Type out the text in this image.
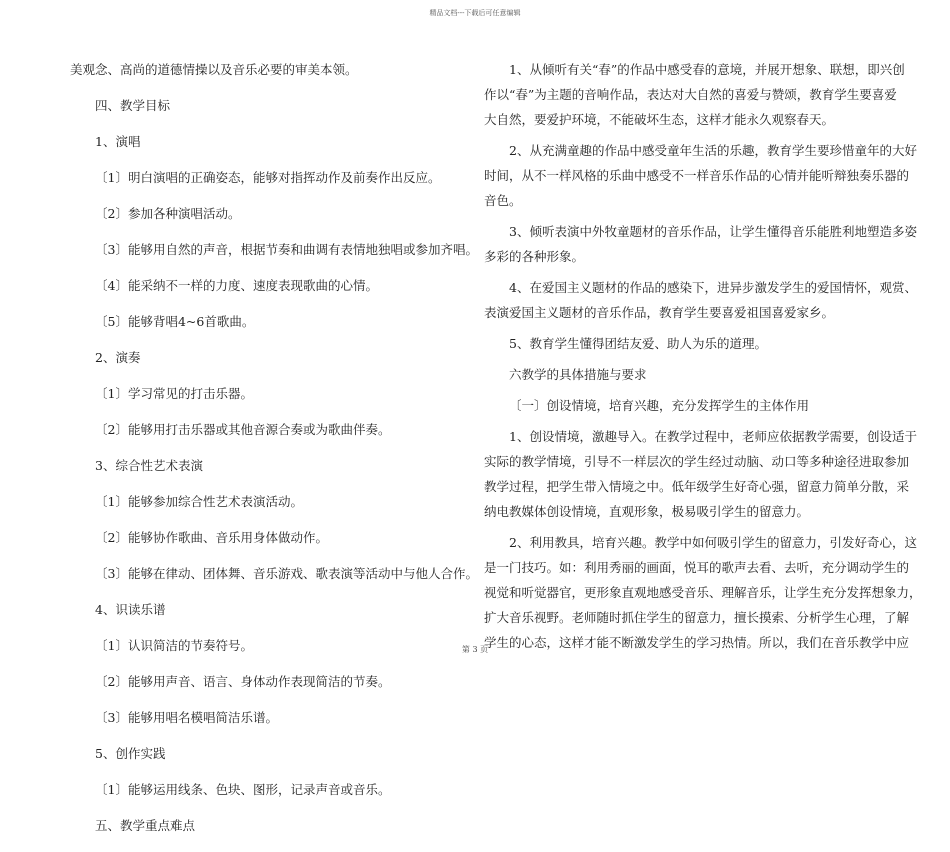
精品文档---下载后可任意编辑
美观念、高尚的道德情操以及音乐必要的审美本领。
四、教学目标
1、演唱
〔1〕明白演唱的正确姿态，能够对指挥动作及前奏作出反应。
〔2〕参加各种演唱活动。
〔3〕能够用自然的声音，根据节奏和曲调有表情地独唱或参加齐唱。
〔4〕能采纳不一样的力度、速度表现歌曲的心情。
〔5〕能够背唱4~6首歌曲。
2、演奏
〔1〕学习常见的打击乐器。
〔2〕能够用打击乐器或其他音源合奏或为歌曲伴奏。
3、综合性艺术表演
〔1〕能够参加综合性艺术表演活动。
〔2〕能够协作歌曲、音乐用身体做动作。
〔3〕能够在律动、团体舞、音乐游戏、歌表演等活动中与他人合作。
4、识读乐谱
〔1〕认识简洁的节奏符号。
〔2〕能够用声音、语言、身体动作表现简洁的节奏。
〔3〕能够用唱名模唱简洁乐谱。
5、创作实践
〔1〕能够运用线条、色块、图形，记录声音或音乐。
五、教学重点难点
1、从倾听有关“春”的作品中感受春的意境，并展开想象、联想，即兴创
作以“春”为主题的音响作品，表达对大自然的喜爱与赞颂，教育学生要喜爱
大自然，要爱护环境，不能破坏生态，这样才能永久观察春天。
2、从充满童趣的作品中感受童年生活的乐趣，教育学生要珍惜童年的大好
时间，从不一样风格的乐曲中感受不一样音乐作品的心情并能听辩独奏乐器的
音色。
3、倾听表演中外牧童题材的音乐作品，让学生懂得音乐能胜利地塑造多姿
多彩的各种形象。
4、在爱国主义题材的作品的感染下，进异步激发学生的爱国情怀，观赏、
表演爱国主义题材的音乐作品，教育学生要喜爱祖国喜爱家乡。
5、教育学生懂得团结友爱、助人为乐的道理。
六教学的具体措施与要求
〔一〕创设情境，培育兴趣，充分发挥学生的主体作用
1、创设情境，激趣导入。在教学过程中，老师应依据教学需要，创设适于
实际的教学情境，引导不一样层次的学生经过动脑、动口等多种途径进取参加
教学过程，把学生带入情境之中。低年级学生好奇心强，留意力简单分散，采
纳电教媒体创设情境，直观形象，极易吸引学生的留意力。
2、利用教具，培育兴趣。教学中如何吸引学生的留意力，引发好奇心，这
是一门技巧。如：利用秀丽的画面，悦耳的歌声去看、去听，充分调动学生的
视觉和听觉器官，更形象直观地感受音乐、理解音乐，让学生充分发挥想象力，
扩大音乐视野。老师随时抓住学生的留意力，擅长摸索、分析学生心理，了解
学生的心态，这样才能不断激发学生的学习热情。所以，我们在音乐教学中应
第 3 页
